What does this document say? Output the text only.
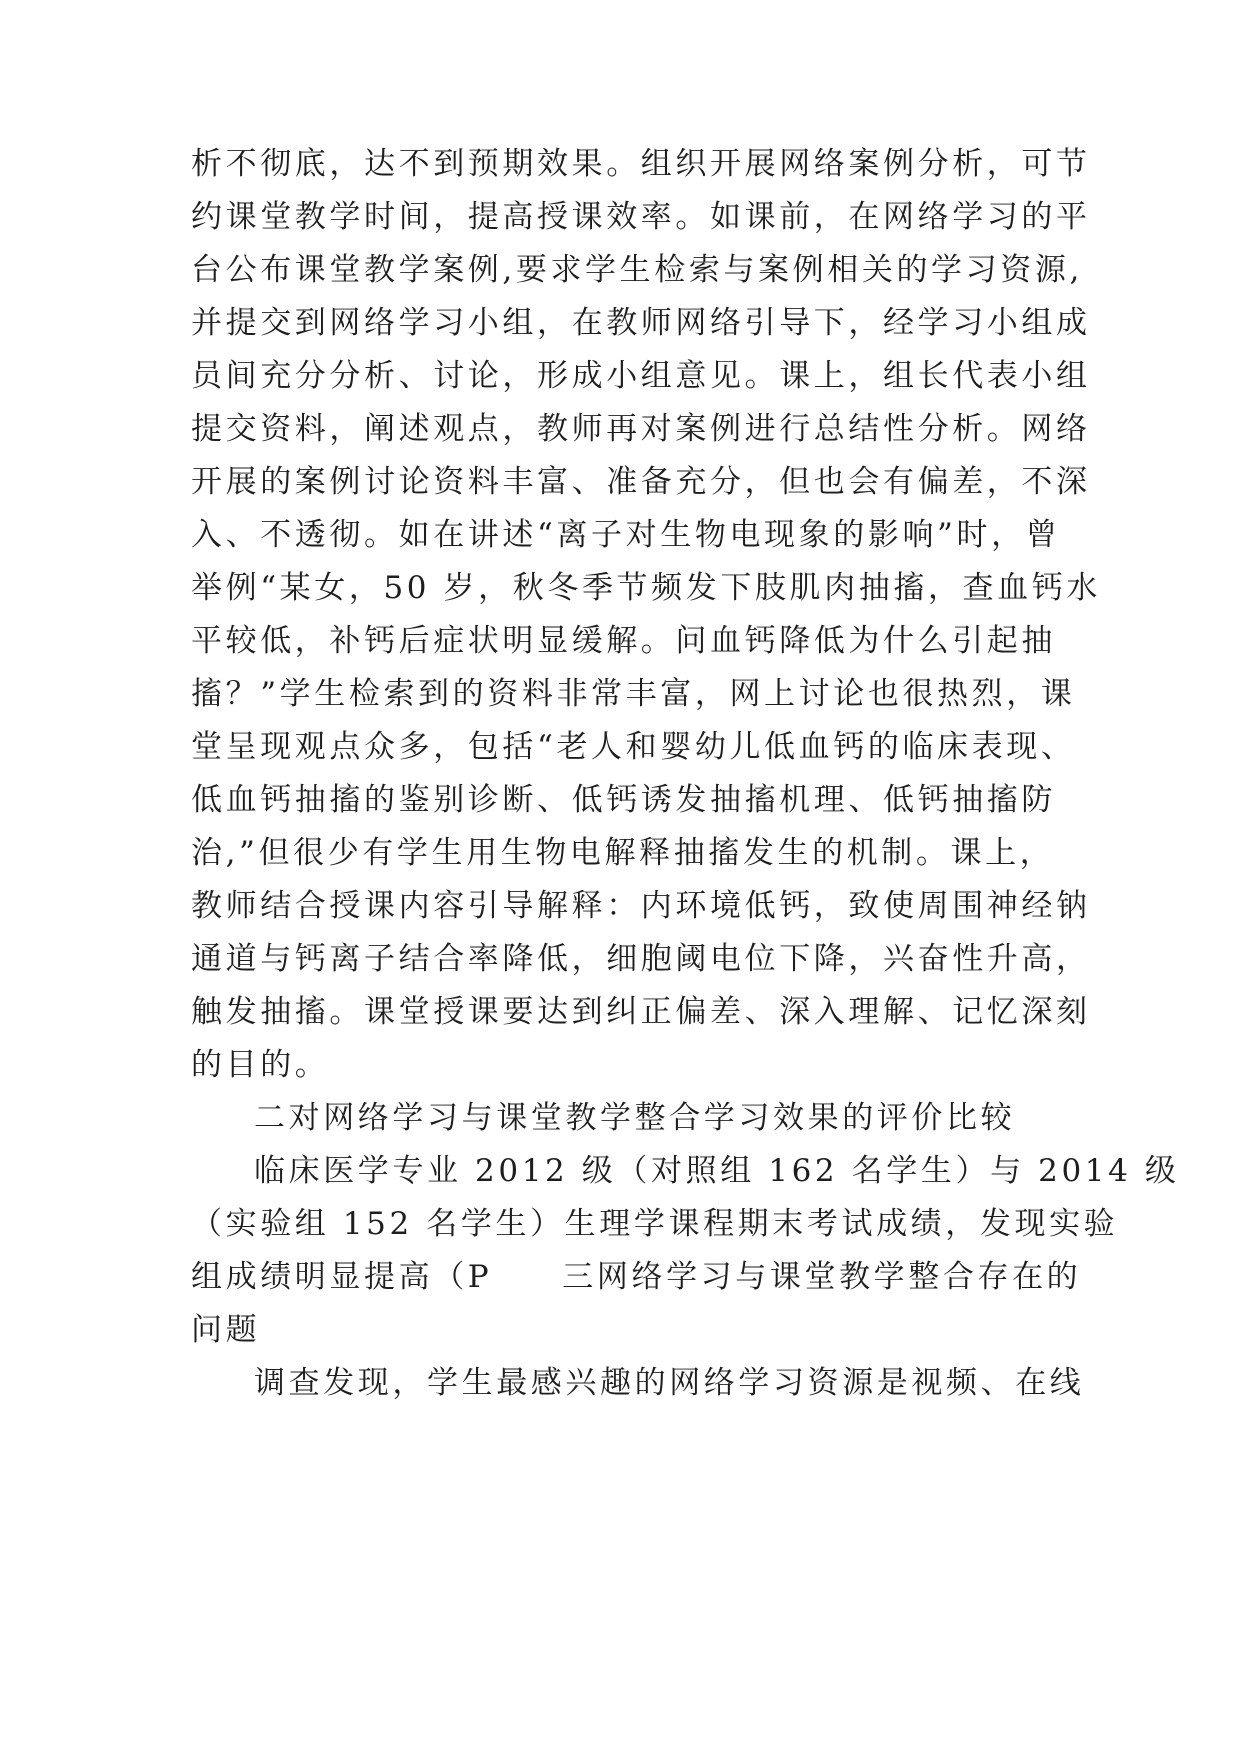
析不彻底，达不到预期效果。组织开展网络案例分析，可节
约课堂教学时间，提高授课效率。如课前，在网络学习的平
台公布课堂教学案例,要求学生检索与案例相关的学习资源,
并提交到网络学习小组，在教师网络引导下，经学习小组成
员间充分分析、讨论，形成小组意见。课上，组长代表小组
提交资料，阐述观点，教师再对案例进行总结性分析。网络
开展的案例讨论资料丰富、准备充分，但也会有偏差，不深
入、不透彻。如在讲述“离子对生物电现象的影响”时，曾
举例“某女，50 岁，秋冬季节频发下肢肌肉抽搐，查血钙水
平较低，补钙后症状明显缓解。问血钙降低为什么引起抽
搐？”学生检索到的资料非常丰富，网上讨论也很热烈，课
堂呈现观点众多，包括“老人和婴幼儿低血钙的临床表现、
低血钙抽搐的鉴别诊断、低钙诱发抽搐机理、低钙抽搐防
治,”但很少有学生用生物电解释抽搐发生的机制。课上，
教师结合授课内容引导解释：内环境低钙，致使周围神经钠
通道与钙离子结合率降低，细胞阈电位下降，兴奋性升高，
触发抽搐。课堂授课要达到纠正偏差、深入理解、记忆深刻
的目的。
二对网络学习与课堂教学整合学习效果的评价比较
临床医学专业 2012 级（对照组 162 名学生）与 2014 级
（实验组 152 名学生）生理学课程期末考试成绩，发现实验
组成绩明显提高（P 三网络学习与课堂教学整合存在的
问题
调查发现，学生最感兴趣的网络学习资源是视频、在线
